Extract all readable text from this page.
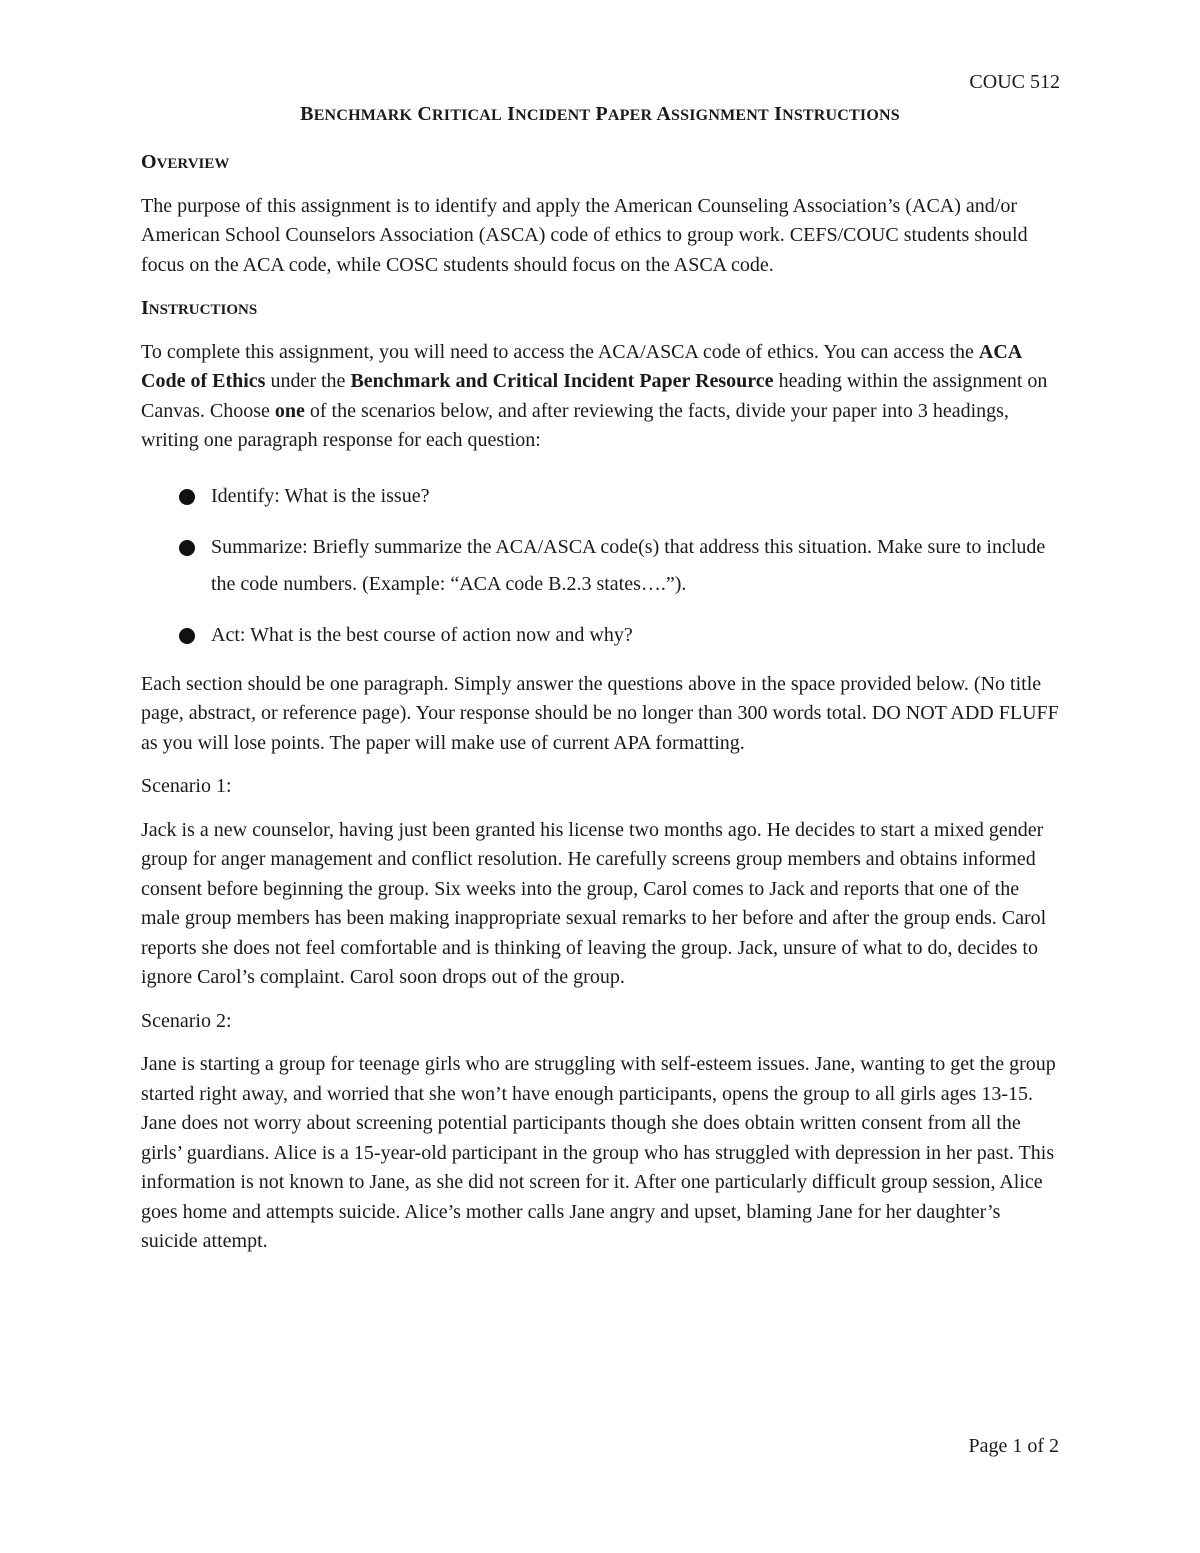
COUC 512
BENCHMARK CRITICAL INCIDENT PAPER ASSIGNMENT INSTRUCTIONS
OVERVIEW

The purpose of this assignment is to identify and apply the American Counseling Association’s (ACA) and/or American School Counselors Association (ASCA) code of ethics to group work. CEFS/COUC students should focus on the ACA code, while COSC students should focus on the ASCA code.

INSTRUCTIONS

To complete this assignment, you will need to access the ACA/ASCA code of ethics. You can access the ACA Code of Ethics under the Benchmark and Critical Incident Paper Resource heading within the assignment on Canvas. Choose one of the scenarios below, and after reviewing the facts, divide your paper into 3 headings, writing one paragraph response for each question:

Identify: What is the issue?
Summarize: Briefly summarize the ACA/ASCA code(s) that address this situation. Make sure to include the code numbers. (Example: “ACA code B.2.3 states….”).
Act: What is the best course of action now and why?

Each section should be one paragraph. Simply answer the questions above in the space provided below. (No title page, abstract, or reference page). Your response should be no longer than 300 words total. DO NOT ADD FLUFF as you will lose points. The paper will make use of current APA formatting.

Scenario 1:

Jack is a new counselor, having just been granted his license two months ago. He decides to start a mixed gender group for anger management and conflict resolution. He carefully screens group members and obtains informed consent before beginning the group. Six weeks into the group, Carol comes to Jack and reports that one of the male group members has been making inappropriate sexual remarks to her before and after the group ends. Carol reports she does not feel comfortable and is thinking of leaving the group. Jack, unsure of what to do, decides to ignore Carol’s complaint. Carol soon drops out of the group.

Scenario 2:

Jane is starting a group for teenage girls who are struggling with self-esteem issues. Jane, wanting to get the group started right away, and worried that she won’t have enough participants, opens the group to all girls ages 13-15. Jane does not worry about screening potential participants though she does obtain written consent from all the girls’ guardians. Alice is a 15-year-old participant in the group who has struggled with depression in her past. This information is not known to Jane, as she did not screen for it. After one particularly difficult group session, Alice goes home and attempts suicide. Alice’s mother calls Jane angry and upset, blaming Jane for her daughter’s suicide attempt.

Page 1 of 2
